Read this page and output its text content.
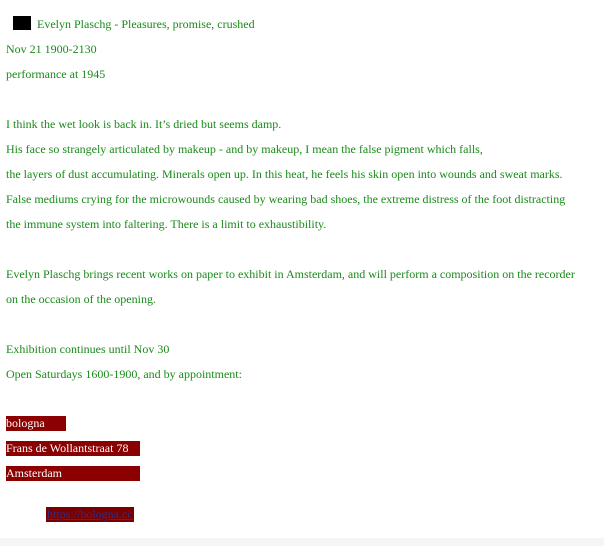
Evelyn Plaschg - Pleasures, promise, crushed
Nov 21 1900-2130
performance at 1945
I think the wet look is back in. It’s dried but seems damp.
His face so strangely articulated by makeup - and by makeup, I mean the false pigment which falls,
the layers of dust accumulating. Minerals open up. In this heat, he feels his skin open into wounds and sweat marks.
False mediums crying for the microwounds caused by wearing bad shoes, the extreme distress of the foot distracting
the immune system into faltering. There is a limit to exhaustibility.
Evelyn Plaschg brings recent works on paper to exhibit in Amsterdam, and will perform a composition on the recorder
on the occasion of the opening.
Exhibition continues until Nov 30
Open Saturdays 1600-1900, and by appointment:
bologna
Frans de Wollantstraat 78
Amsterdam
https://bologna.cc
